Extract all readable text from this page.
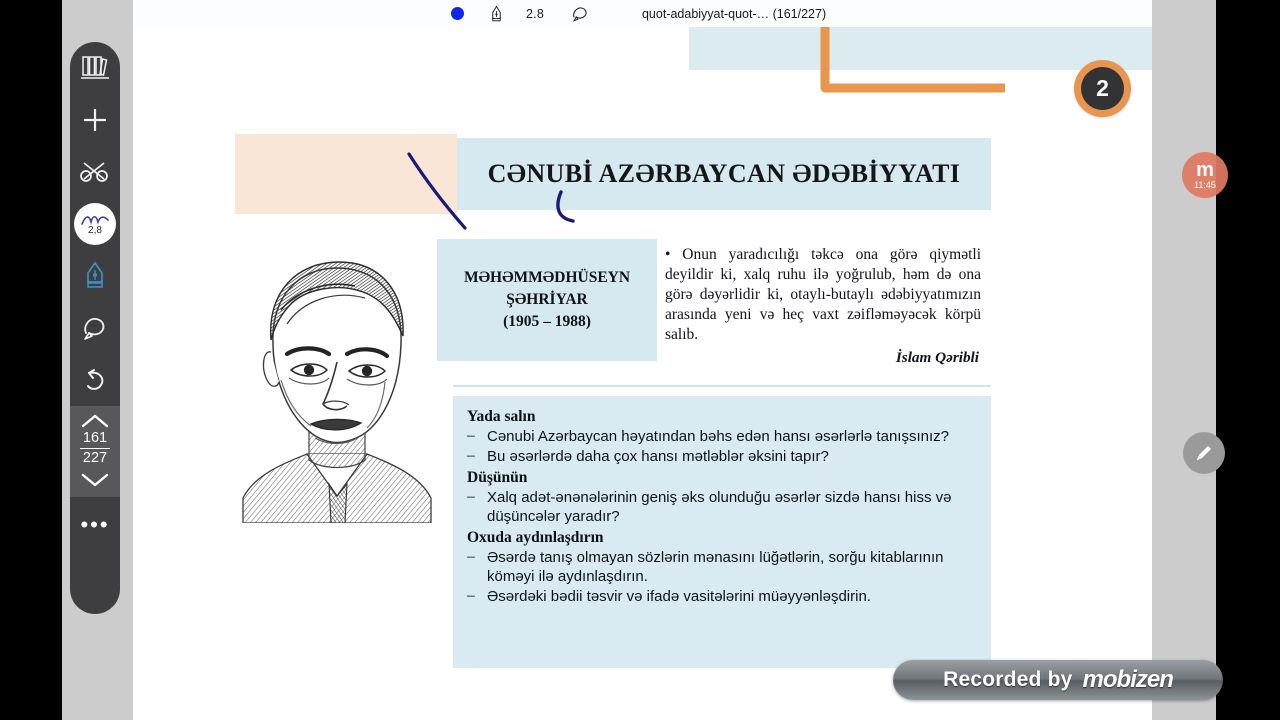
2.8	quot-adabiyyat-quot-… (161/227)
2
CƏNUBİ AZƏRBAYCAN ƏDƏBİYYATI
MƏHƏMMƏDHÜSEYN
ŞƏHRİYAR
(1905 – 1988)

• Onun yaradıcılığı təkcə ona görə qiymətli deyildir ki, xalq ruhu ilə yoğrulub, həm də ona görə dəyərlidir ki, otaylı-butaylı ədəbiyyatımızın arasında yeni və heç vaxt zəifləməyəcək körpü salıb.

İslam Qəribli
Yada salın
– Cənubi Azərbaycan həyatından bəhs edən hansı əsərlərlə tanışsınız?
– Bu əsərlərdə daha çox hansı mətləblər əksini tapır?
Düşünün
– Xalq adət-ənənələrinin geniş əks olunduğu əsərlər sizdə hansı hiss və düşüncələr yaradır?
Oxuda aydınlaşdırın
– Əsərdə tanış olmayan sözlərin mənasını lüğətlərin, sorğu kitablarının köməyi ilə aydınlaşdırın.
– Əsərdəki bədii təsvir və ifadə vasitələrini müəyyənləşdirin.
2,8
161
227
•••
m
11:45
Recorded by mobizen
